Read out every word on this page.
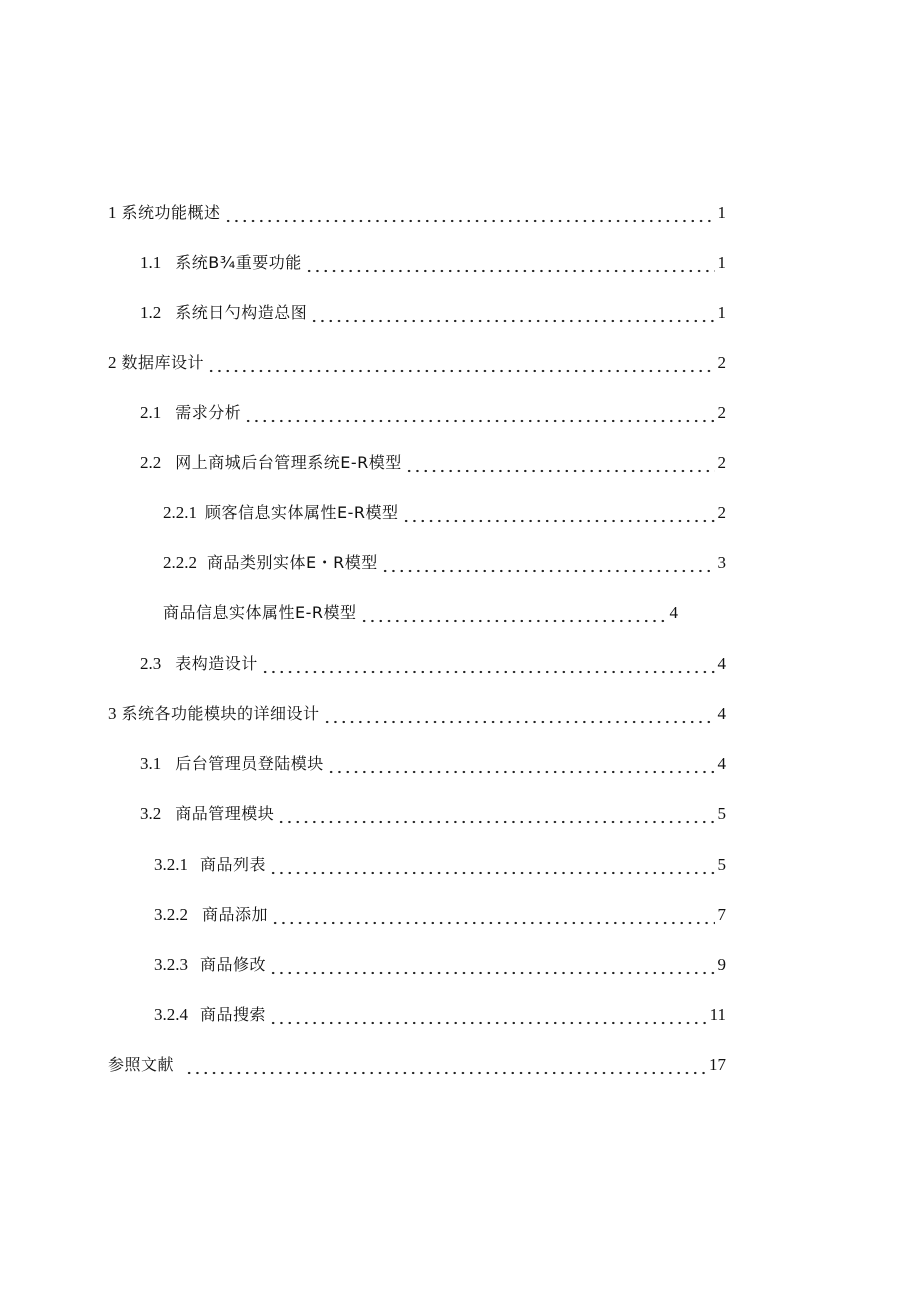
1 系统功能概述	1
1.1 系统B¾重要功能	1
1.2 系统日勺构造总图	1
2 数据库设计	2
2.1 需求分析	2
2.2 网上商城后台管理系统E-R模型	2
2.2.1 顾客信息实体属性E-R模型	2
2.2.2 商品类别实体E・R模型	3
商品信息实体属性E-R模型	4
2.3 表构造设计	4
3 系统各功能模块的详细设计	4
3.1 后台管理员登陆模块	4
3.2 商品管理模块	5
3.2.1 商品列表	5
3.2.2 商品添加	7
3.2.3 商品修改	9
3.2.4 商品搜索	11
参照文献	17
